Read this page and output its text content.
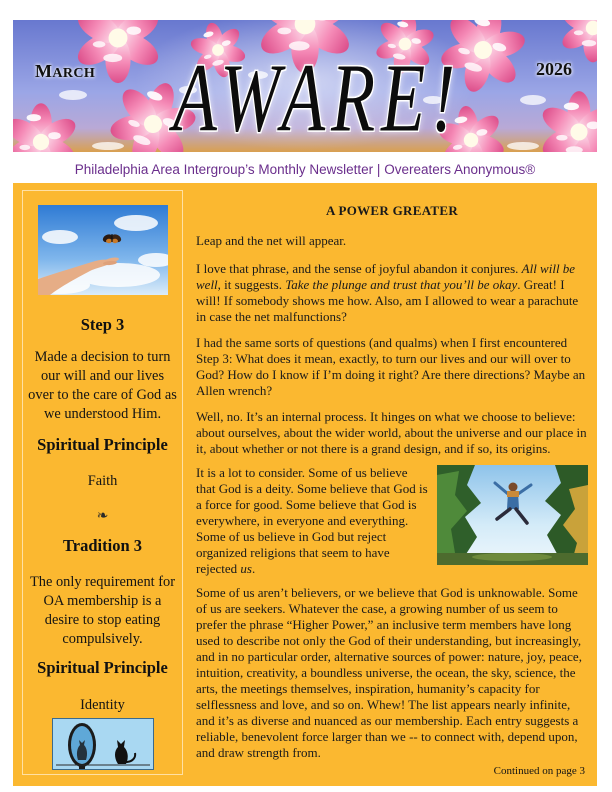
MARCH AWARE!	2026
Philadelphia Area Intergroup’s Monthly Newsletter | Overeaters Anonymous®
Step 3

Made a decision to turn our will and our lives over to the care of God as we understood Him.

Spiritual Principle

Faith

❧

Tradition 3

The only requirement for OA membership is a desire to stop eating compulsively.

Spiritual Principle

Identity

A POWER GREATER

Leap and the net will appear.

I love that phrase, and the sense of joyful abandon it conjures. All will be well, it suggests. Take the plunge and trust that you’ll be okay. Great! I will! If somebody shows me how. Also, am I allowed to wear a parachute in case the net malfunctions?

I had the same sorts of questions (and qualms) when I first encountered Step 3: What does it mean, exactly, to turn our lives and our will over to God? How do I know if I’m doing it right? Are there directions? Maybe an Allen wrench?

Well, no. It’s an internal process. It hinges on what we choose to believe: about ourselves, about the wider world, about the universe and our place in it, about whether or not there is a grand design, and if so, its origins.

It is a lot to consider. Some of us believe that God is a deity. Some believe that God is a force for good. Some believe that God is everywhere, in everyone and everything. Some of us believe in God but reject organized religions that seem to have rejected us.

Some of us aren’t believers, or we believe that God is unknowable. Some of us are seekers. Whatever the case, a growing number of us seem to prefer the phrase “Higher Power,” an inclusive term members have long used to describe not only the God of their understanding, but increasingly, and in no particular order, alternative sources of power: nature, joy, peace, intuition, creativity, a boundless universe, the ocean, the sky, science, the arts, the meetings themselves, inspiration, humanity’s capacity for selflessness and love, and so on. Whew! The list appears nearly infinite, and it’s as diverse and nuanced as our membership. Each entry suggests a reliable, benevolent force larger than we -- to connect with, depend upon, and draw strength from.

Continued on page 3
